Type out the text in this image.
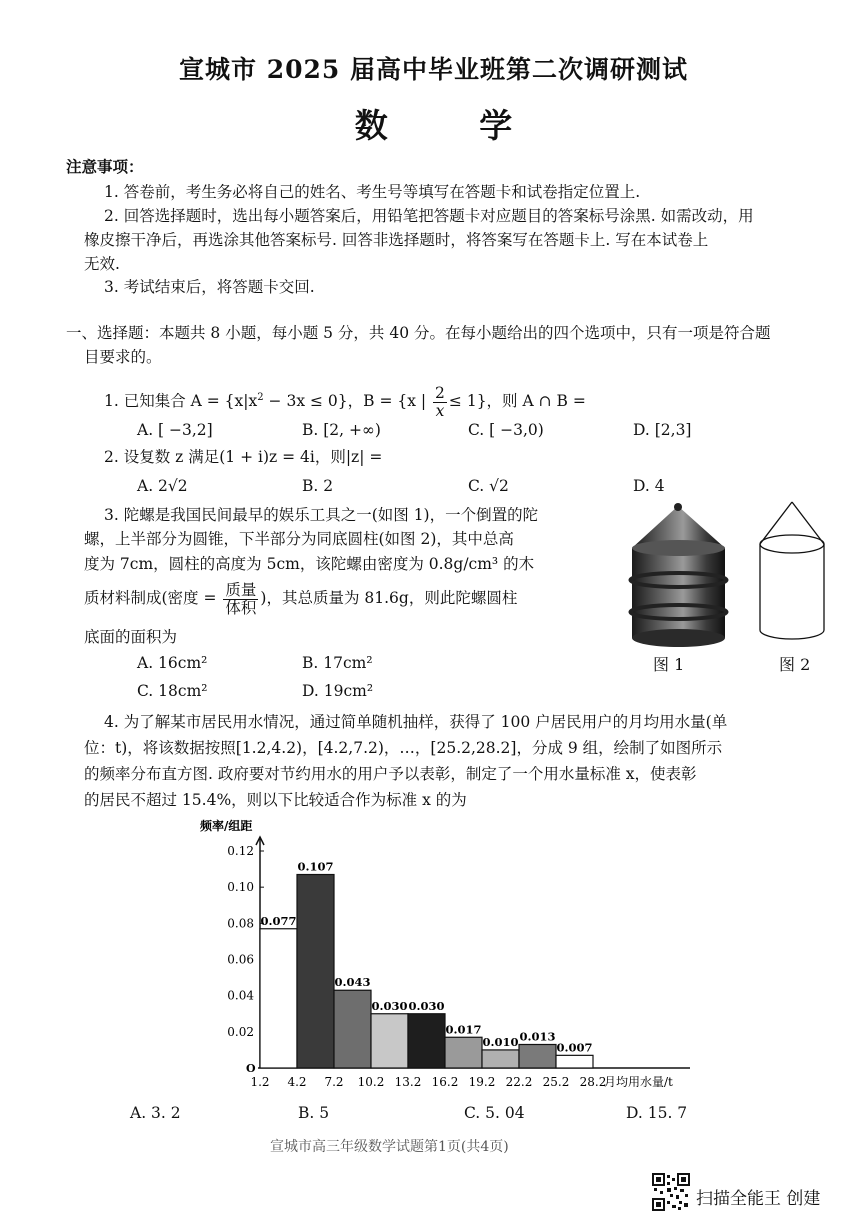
宣城市 2025 届高中毕业班第二次调研测试
数 学
注意事项：
1. 答卷前，考生务必将自己的姓名、考生号等填写在答题卡和试卷指定位置上.
2. 回答选择题时，选出每小题答案后，用铅笔把答题卡对应题目的答案标号涂黑. 如需改动，用
橡皮擦干净后，再选涂其他答案标号. 回答非选择题时，将答案写在答题卡上. 写在本试卷上
无效.
3. 考试结束后，将答题卡交回.
一、选择题：本题共 8 小题，每小题 5 分，共 40 分。在每小题给出的四个选项中，只有一项是符合题
目要求的。
1. 已知集合 $A = \{x|x^2 - 3x \le 0\}$，B = {x | $\frac{2}{x} \le 1$}，则 A ∩ B =
A. [ −3,2]	B. [2, +∞)	C. [ −3,0)	D. [2,3]
2. 设复数 z 满足(1 + i)z = 4i，则|z| =
A. 2√2	B. 2	C. √2	D. 4
3. 陀螺是我国民间最早的娱乐工具之一(如图 1)，一个倒置的陀
螺，上半部分为圆锥，下半部分为同底圆柱(如图 2)，其中总高
度为 7cm，圆柱的高度为 5cm，该陀螺由密度为 0.8g/cm³ 的木
质材料制成(密度 = $\frac{\text{质量}}{\text{体积}}$ )，其总质量为 81.6g，则此陀螺圆柱
底面的面积为
A. 16cm²	B. 17cm²
C. 18cm²	D. 19cm²
图 1	图 2
4. 为了解某市居民用水情况，通过简单随机抽样，获得了 100 户居民用户的月均用水量(单
位：t)，将该数据按照[1.2,4.2)，[4.2,7.2)，…，[25.2,28.2]，分成 9 组，绘制了如图所示
的频率分布直方图. 政府要对节约用水的用户予以表彰，制定了一个用水量标准 x，使表彰
的居民不超过 15.4%，则以下比较适合作为标准 x 的为
频率/组距
0.02
0.04
0.06
0.08
0.10
0.12
O
1.2 4.2 7.2 10.2 13.2 16.2 19.2 22.2 25.2 28.2
月均用水量/t
0.077
0.107
0.043
0.030 0.030
0.017
0.010 0.013
0.007
A. 3. 2	B. 5	C. 5. 04	D. 15. 7
宣城市高三年级数学试题第1页(共4页)
扫描全能王 创建
